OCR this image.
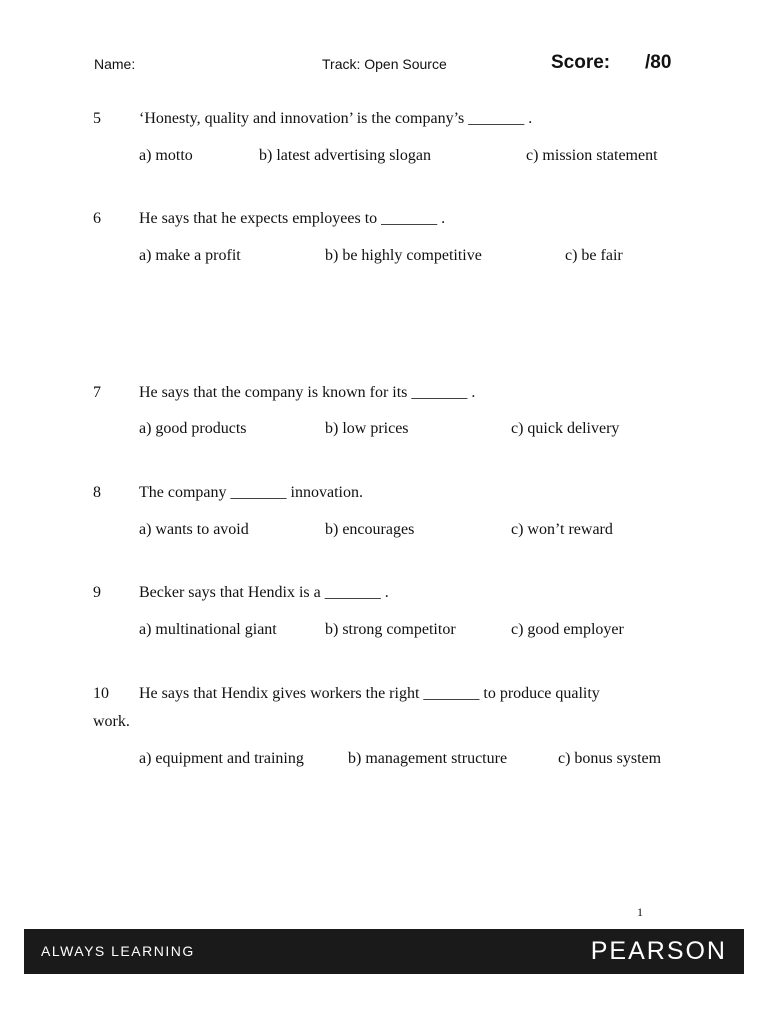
Name:	Track: Open Source	Score: /80
5 ‘Honesty, quality and innovation’ is the company’s _______ .
a) motto	b) latest advertising slogan	c) mission statement
6 He says that he expects employees to _______ .
a) make a profit	b) be highly competitive	c) be fair
7 He says that the company is known for its _______ .
a) good products	b) low prices	c) quick delivery
8 The company _______ innovation.
a) wants to avoid	b) encourages	c) won’t reward
9 Becker says that Hendix is a _______ .
a) multinational giant	b) strong competitor	c) good employer
10 He says that Hendix gives workers the right _______ to produce quality
work.
a) equipment and training	b) management structure	c) bonus system
1
ALWAYS LEARNING	PEARSON
